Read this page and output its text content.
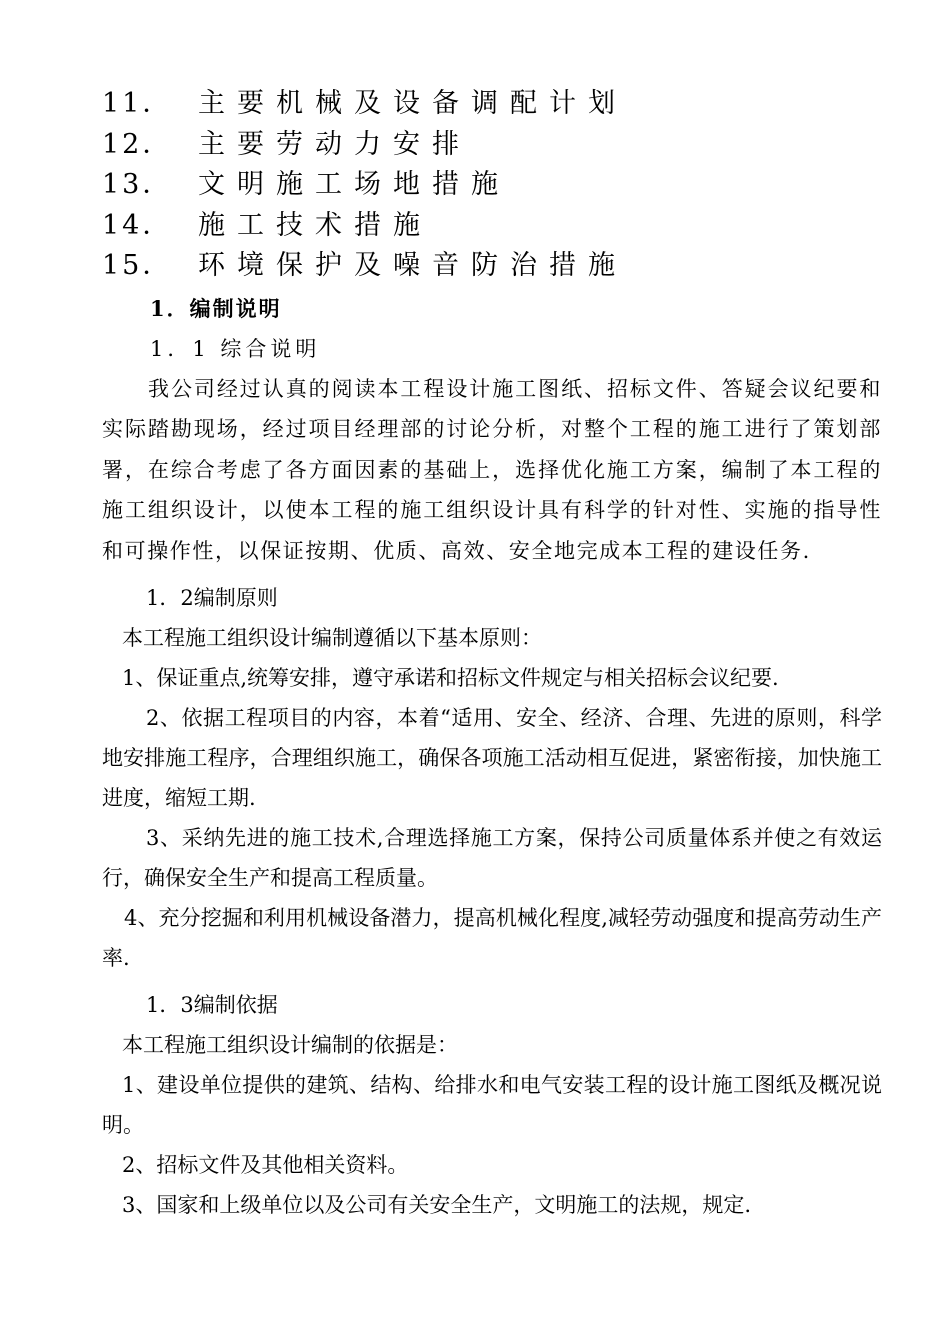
11． 主要机械及设备调配计划
12． 主要劳动力安排
13． 文明施工场地措施
14． 施工技术措施
15． 环境保护及噪音防治措施
1．编制说明
1．1 综合说明

我公司经过认真的阅读本工程设计施工图纸、招标文件、答疑会议纪要和实际踏勘现场，经过项目经理部的讨论分析，对整个工程的施工进行了策划部署，在综合考虑了各方面因素的基础上，选择优化施工方案，编制了本工程的施工组织设计，以使本工程的施工组织设计具有科学的针对性、实施的指导性和可操作性，以保证按期、优质、高效、安全地完成本工程的建设任务.

1．2编制原则

本工程施工组织设计编制遵循以下基本原则：

1、保证重点,统筹安排，遵守承诺和招标文件规定与相关招标会议纪要.

2、依据工程项目的内容，本着“适用、安全、经济、合理、先进的原则，科学地安排施工程序，合理组织施工，确保各项施工活动相互促进，紧密衔接，加快施工进度，缩短工期.

3、采纳先进的施工技术,合理选择施工方案，保持公司质量体系并使之有效运行，确保安全生产和提高工程质量。

4、充分挖掘和利用机械设备潜力，提高机械化程度,减轻劳动强度和提高劳动生产率.

1．3编制依据

本工程施工组织设计编制的依据是：

1、建设单位提供的建筑、结构、给排水和电气安装工程的设计施工图纸及概况说明。

2、招标文件及其他相关资料。

3、国家和上级单位以及公司有关安全生产，文明施工的法规，规定.
